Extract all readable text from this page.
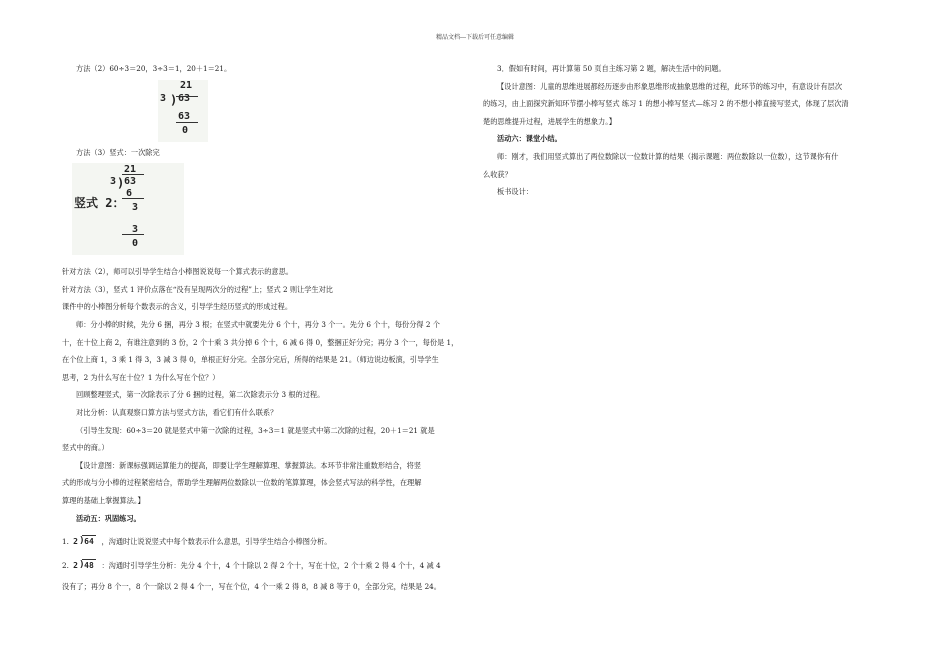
精品文档---下载后可任意编辑
方法（2）60÷3＝20，3÷3＝1，20＋1＝21。
21
3 ) 63
63
0
方法（3）竖式：一次除完
竖式 2：
21
3 ) 63
6
3
3
0
针对方法（2），师可以引导学生结合小棒图说说每一个算式表示的意思。
针对方法（3），竖式 1 评价点落在“没有呈现两次分的过程”上；竖式 2 则让学生对比
课件中的小棒图分析每个数表示的含义，引导学生经历竖式的形成过程。
师：分小棒的时候，先分 6 捆，再分 3 根；在竖式中就要先分 6 个十，再分 3 个一。先分 6 个十，每份分得 2 个
十，在十位上商 2，有谁注意到的 3 份，2 个十乘 3 共分掉 6 个十，6 减 6 得 0，整捆正好分完；再分 3 个一，每份是 1，
在个位上商 1，3 乘 1 得 3，3 减 3 得 0，单根正好分完。全部分完后，所得的结果是 21。（师边说边板演，引导学生
思考，2 为什么写在十位？1 为什么写在个位？）
回顾整理竖式，第一次除表示了分 6 捆的过程，第二次除表示分 3 根的过程。
对比分析：认真观察口算方法与竖式方法，看它们有什么联系？
（引导生发现：60÷3＝20 就是竖式中第一次除的过程，3÷3＝1 就是竖式中第二次除的过程，20＋1＝21 就是
竖式中的商。）
【设计意图：新课标强调运算能力的提高，即要让学生理解算理、掌握算法。本环节非常注重数形结合，将竖
式的形成与分小棒的过程紧密结合，帮助学生理解两位数除以一位数的笔算算理，体会竖式写法的科学性，在理解
算理的基础上掌握算法。】
活动五：巩固练习。
1. 2 ) 64 ，沟通时让说说竖式中每个数表示什么意思，引导学生结合小棒图分析。
2. 2 ) 48 ：沟通时引导学生分析：先分 4 个十，4 个十除以 2 得 2 个十，写在十位，2 个十乘 2 得 4 个十，4 减 4
没有了；再分 8 个一，8 个一除以 2 得 4 个一，写在个位，4 个一乘 2 得 8，8 减 8 等于 0，全部分完，结果是 24。
3．假如有时间，再计算第 50 页自主练习第 2 题，解决生活中的问题。
【设计意图：儿童的思维进展都经历逐步由形象思维形成抽象思维的过程，此环节的练习中，有意设计有层次
的练习，由上面探究新知环节摆小棒写竖式 练习 1 的想小棒写竖式—练习 2 的不想小棒直接写竖式，体现了层次清
楚的思维提升过程，进展学生的想象力。】
活动六：课堂小结。
师：刚才，我们用竖式算出了两位数除以一位数计算的结果（揭示课题：两位数除以一位数），这节课你有什
么收获？
板书设计：
